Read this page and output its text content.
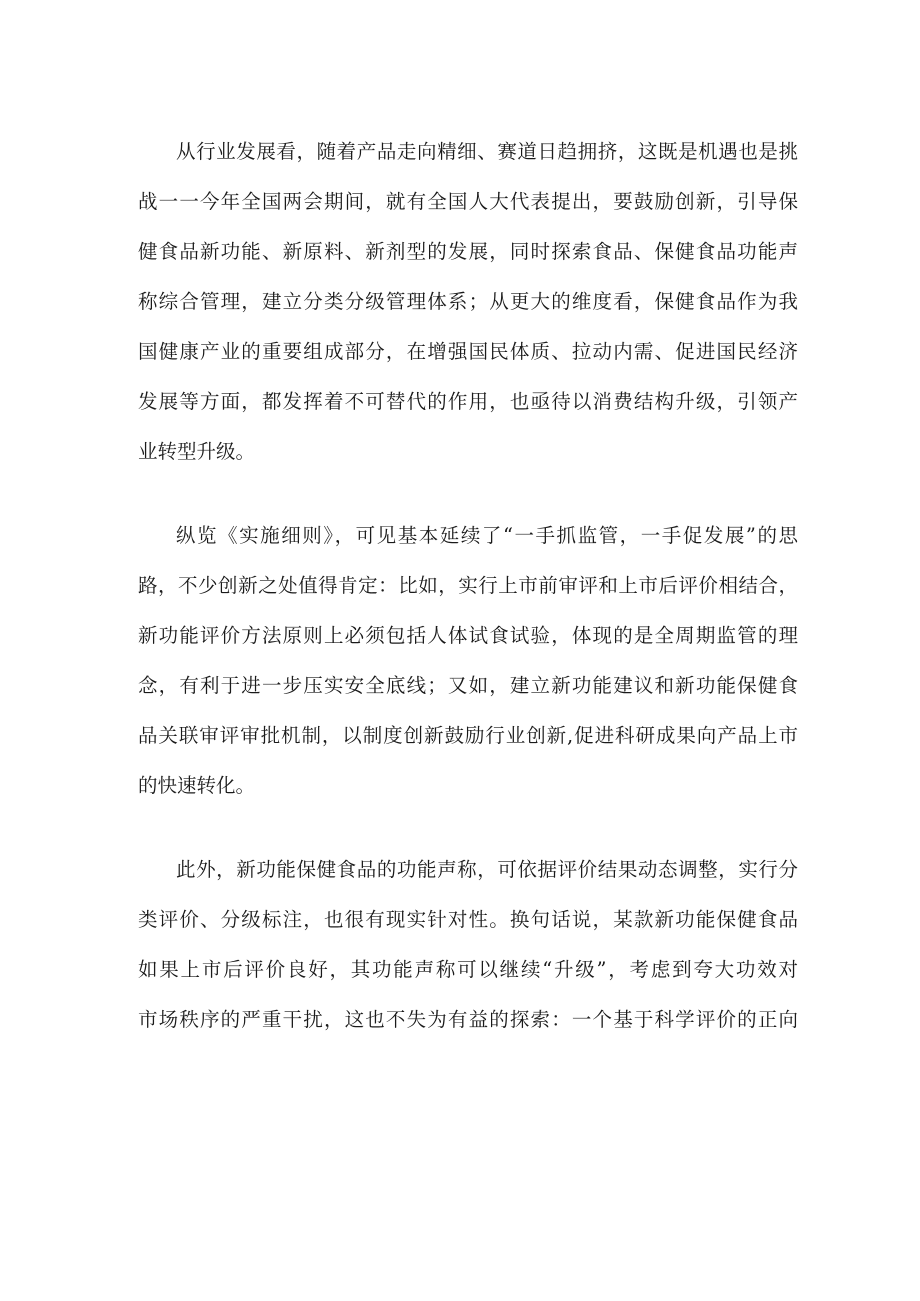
从行业发展看，随着产品走向精细、赛道日趋拥挤，这既是机遇也是挑
战一一今年全国两会期间，就有全国人大代表提出，要鼓励创新，引导保
健食品新功能、新原料、新剂型的发展，同时探索食品、保健食品功能声
称综合管理，建立分类分级管理体系；从更大的维度看，保健食品作为我
国健康产业的重要组成部分，在增强国民体质、拉动内需、促进国民经济
发展等方面，都发挥着不可替代的作用，也亟待以消费结构升级，引领产
业转型升级。
纵览《实施细则》，可见基本延续了“一手抓监管，一手促发展”的思
路，不少创新之处值得肯定：比如，实行上市前审评和上市后评价相结合，
新功能评价方法原则上必须包括人体试食试验，体现的是全周期监管的理
念，有利于进一步压实安全底线；又如，建立新功能建议和新功能保健食
品关联审评审批机制，以制度创新鼓励行业创新,促进科研成果向产品上市
的快速转化。
此外，新功能保健食品的功能声称，可依据评价结果动态调整，实行分
类评价、分级标注，也很有现实针对性。换句话说，某款新功能保健食品
如果上市后评价良好，其功能声称可以继续“升级”，考虑到夸大功效对
市场秩序的严重干扰，这也不失为有益的探索：一个基于科学评价的正向
